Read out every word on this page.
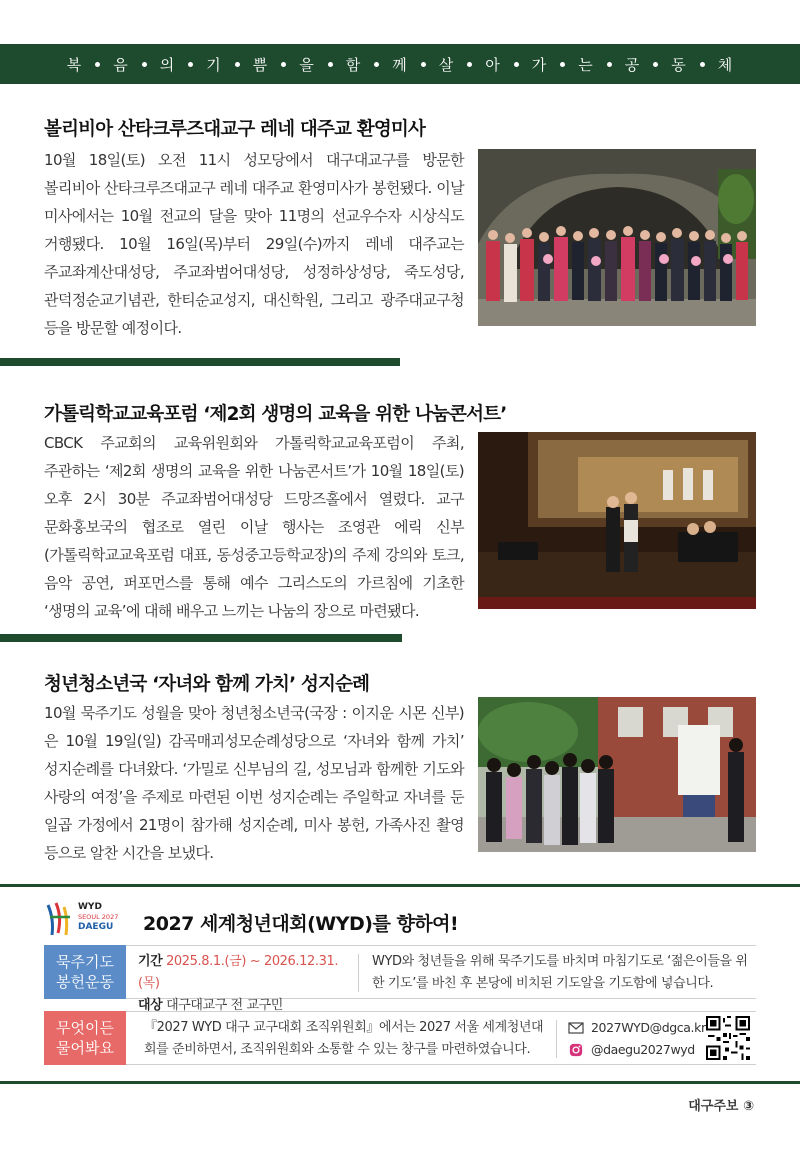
복 음 의 기 쁨 을 함 께 살 아 가 는 공 동 체
볼리비아 산타크루즈대교구 레네 대주교 환영미사

10월 18일(토) 오전 11시 성모당에서 대구대교구를 방문한 볼리비아 산타크루즈대교구 레네 대주교 환영미사가 봉헌됐다. 이날 미사에서는 10월 전교의 달을 맞아 11명의 선교우수자 시상식도 거행됐다. 10월 16일(목)부터 29일(수)까지 레네 대주교는 주교좌계산대성당, 주교좌범어대성당, 성정하상성당, 죽도성당, 관덕정순교기념관, 한티순교성지, 대신학원, 그리고 광주대교구청 등을 방문할 예정이다.

가톨릭학교교육포럼 ‘제2회 생명의 교육을 위한 나눔콘서트’

CBCK 주교회의 교육위원회와 가톨릭학교교육포럼이 주최, 주관하는 ‘제2회 생명의 교육을 위한 나눔콘서트’가 10월 18일(토) 오후 2시 30분 주교좌범어대성당 드망즈홀에서 열렸다. 교구 문화홍보국의 협조로 열린 이날 행사는 조영관 에릭 신부(가톨릭학교교육포럼 대표, 동성중고등학교장)의 주제 강의와 토크, 음악 공연, 퍼포먼스를 통해 예수 그리스도의 가르침에 기초한 ‘생명의 교육’에 대해 배우고 느끼는 나눔의 장으로 마련됐다.

청년청소년국 ‘자녀와 함께 가치’ 성지순례

10월 묵주기도 성월을 맞아 청년청소년국(국장 : 이지운 시몬 신부)은 10월 19일(일) 감곡매괴성모순례성당으로 ‘자녀와 함께 가치’ 성지순례를 다녀왔다. ‘가밀로 신부님의 길, 성모님과 함께한 기도와 사랑의 여정’을 주제로 마련된 이번 성지순례는 주일학교 자녀를 둔 일곱 가정에서 21명이 참가해 성지순례, 미사 봉헌, 가족사진 촬영 등으로 알찬 시간을 보냈다.

WYD
SEOUL 2027
DAEGU 2027 세계청년대회(WYD)를 향하여!
묵주기도 봉헌운동
기간 2025.8.1.(금) ~ 2026.12.31.(목)
대상 대구대교구 전 교구민
WYD와 청년들을 위해 묵주기도를 바치며 마침기도로 ‘젊은이들을 위한 기도’를 바친 후 본당에 비치된 기도알을 기도함에 넣습니다.
무엇이든 물어봐요
『2027 WYD 대구 교구대회 조직위원회』에서는 2027 서울 세계청년대회를 준비하면서, 조직위원회와 소통할 수 있는 창구를 마련하였습니다.
2027WYD@dgca.kr
@daegu2027wyd
대구주보 ③
